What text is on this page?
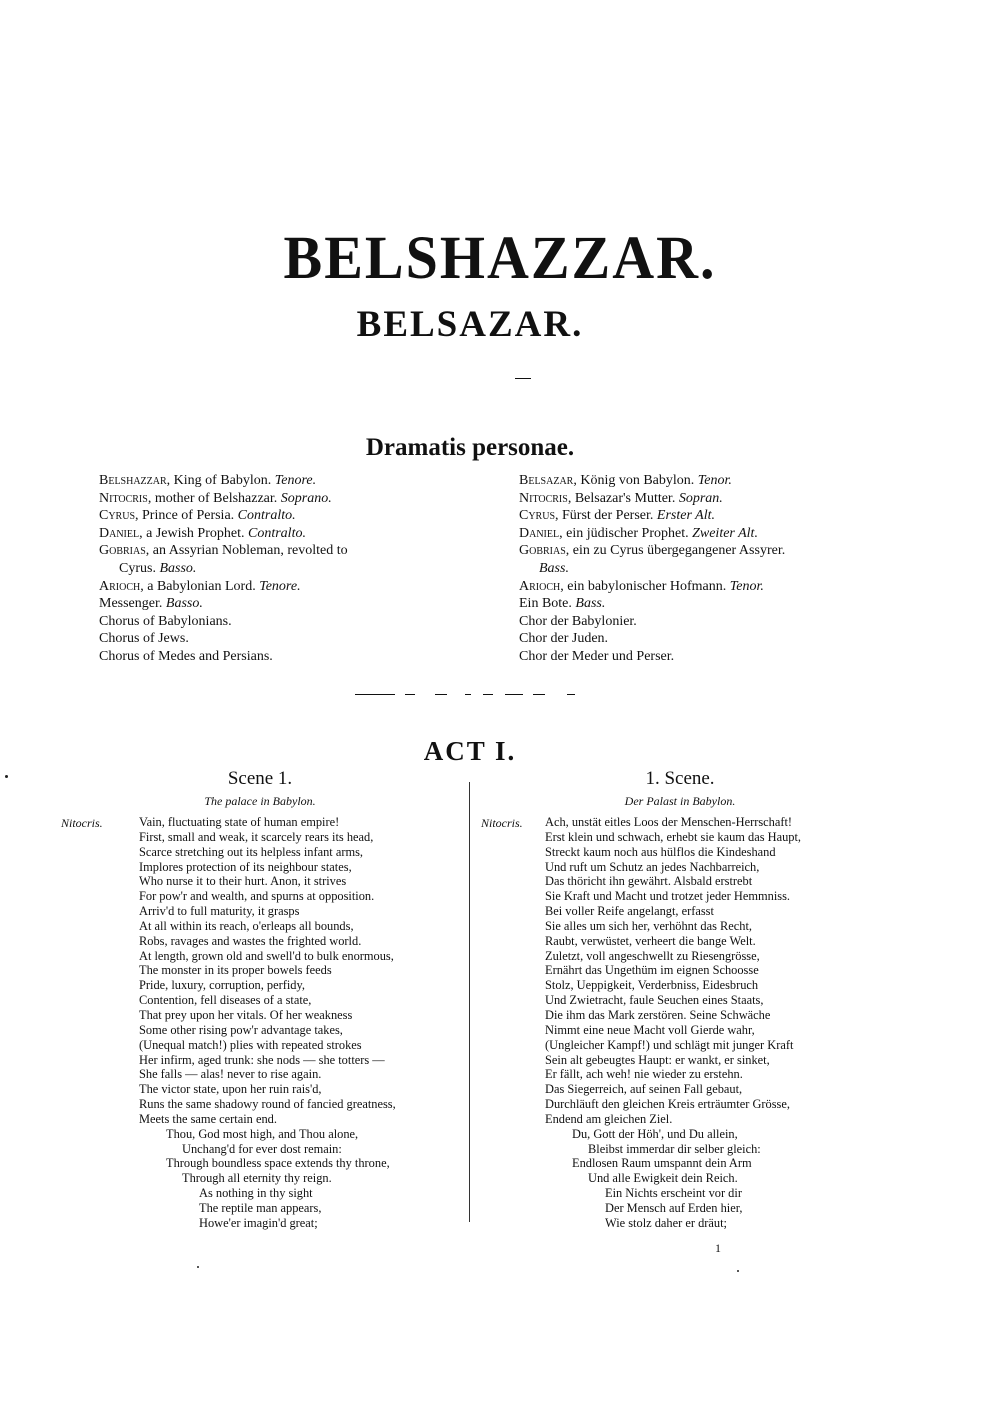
BELSHAZZAR.
BELSAZAR.
Dramatis personae.
Belshazzar, King of Babylon. Tenore.
Nitocris, mother of Belshazzar. Soprano.
Cyrus, Prince of Persia. Contralto.
Daniel, a Jewish Prophet. Contralto.
Gobrias, an Assyrian Nobleman, revolted to
Cyrus. Basso.
Arioch, a Babylonian Lord. Tenore.
Messenger. Basso.
Chorus of Babylonians.
Chorus of Jews.
Chorus of Medes and Persians.
Belsazar, König von Babylon. Tenor.
Nitocris, Belsazar's Mutter. Sopran.
Cyrus, Fürst der Perser. Erster Alt.
Daniel, ein jüdischer Prophet. Zweiter Alt.
Gobrias, ein zu Cyrus übergegangener Assyrer.
Bass.
Arioch, ein babylonischer Hofmann. Tenor.
Ein Bote. Bass.
Chor der Babylonier.
Chor der Juden.
Chor der Meder und Perser.
ACT I.
Scene 1.
The palace in Babylon.
1. Scene.
Der Palast in Babylon.
Nitocris.	Vain, fluctuating state of human empire!
First, small and weak, it scarcely rears its head,
Scarce stretching out its helpless infant arms,
Implores protection of its neighbour states,
Who nurse it to their hurt. Anon, it strives
For pow'r and wealth, and spurns at opposition.
Arriv'd to full maturity, it grasps
At all within its reach, o'erleaps all bounds,
Robs, ravages and wastes the frighted world.
At length, grown old and swell'd to bulk enormous,
The monster in its proper bowels feeds
Pride, luxury, corruption, perfidy,
Contention, fell diseases of a state,
That prey upon her vitals. Of her weakness
Some other rising pow'r advantage takes,
(Unequal match!) plies with repeated strokes
Her infirm, aged trunk: she nods — she totters —
She falls — alas! never to rise again.
The victor state, upon her ruin rais'd,
Runs the same shadowy round of fancied greatness,
Meets the same certain end.
Thou, God most high, and Thou alone,
Unchang'd for ever dost remain:
Through boundless space extends thy throne,
Through all eternity thy reign.
As nothing in thy sight
The reptile man appears,
Howe'er imagin'd great;
Nitocris. Ach, unstät eitles Loos der Menschen-Herrschaft!
Erst klein und schwach, erhebt sie kaum das Haupt,
Streckt kaum noch aus hülflos die Kindeshand
Und ruft um Schutz an jedes Nachbarreich,
Das thöricht ihn gewährt. Alsbald erstrebt
Sie Kraft und Macht und trotzet jeder Hemmniss.
Bei voller Reife angelangt, erfasst
Sie alles um sich her, verhöhnt das Recht,
Raubt, verwüstet, verheert die bange Welt.
Zuletzt, voll angeschwellt zu Riesengrösse,
Ernährt das Ungethüm im eignen Schoosse
Stolz, Ueppigkeit, Verderbniss, Eidesbruch
Und Zwietracht, faule Seuchen eines Staats,
Die ihm das Mark zerstören. Seine Schwäche
Nimmt eine neue Macht voll Gierde wahr,
(Ungleicher Kampf!) und schlägt mit junger Kraft
Sein alt gebeugtes Haupt: er wankt, er sinket,
Er fällt, ach weh! nie wieder zu erstehn.
Das Siegerreich, auf seinen Fall gebaut,
Durchläuft den gleichen Kreis erträumter Grösse,
Endend am gleichen Ziel.
Du, Gott der Höh', und Du allein,
Bleibst immerdar dir selber gleich:
Endlosen Raum umspannt dein Arm
Und alle Ewigkeit dein Reich.
Ein Nichts erscheint vor dir
Der Mensch auf Erden hier,
Wie stolz daher er dräut;
1
